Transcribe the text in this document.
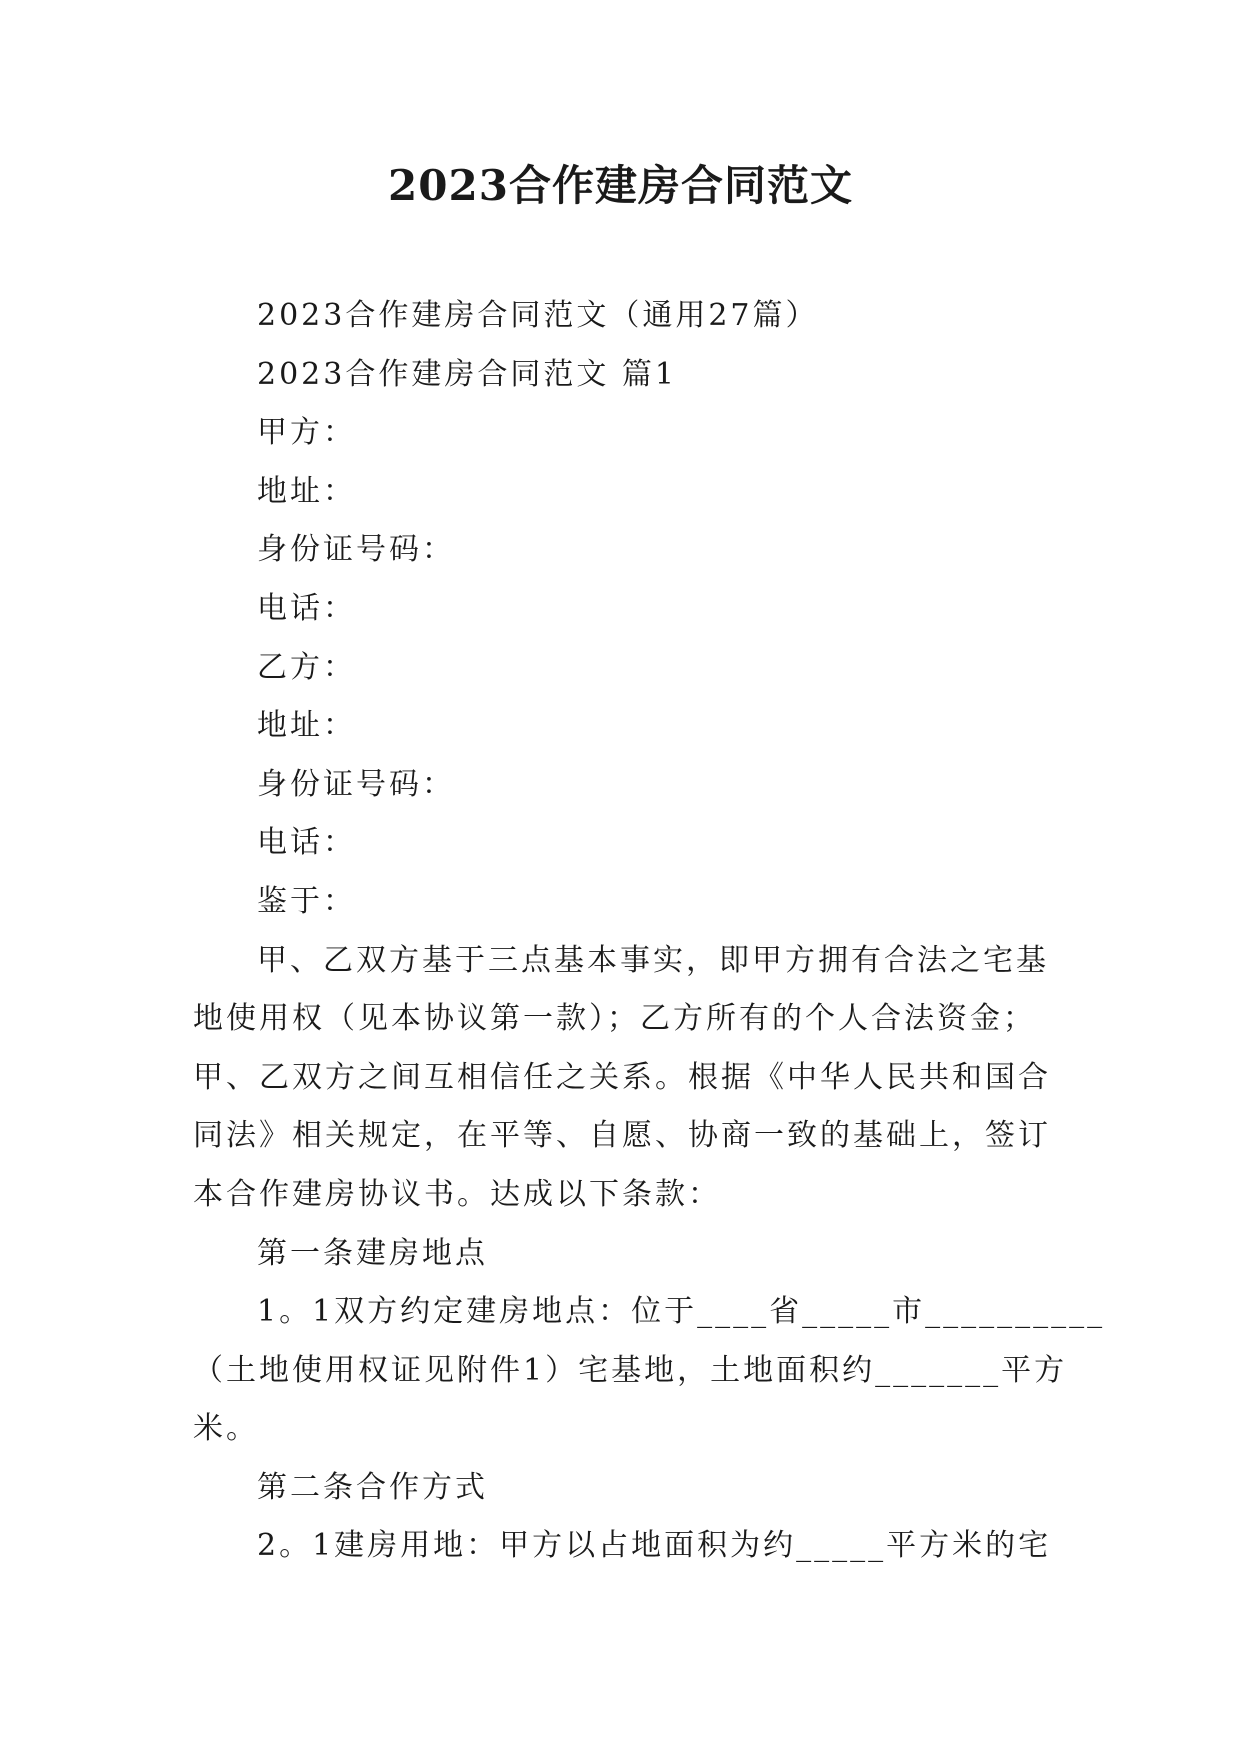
2023合作建房合同范文
2023合作建房合同范文（通用27篇）
2023合作建房合同范文 篇1
甲方：
地址：
身份证号码：
电话：
乙方：
地址：
身份证号码：
电话：
鉴于：
甲、乙双方基于三点基本事实，即甲方拥有合法之宅基
地使用权（见本协议第一款）；乙方所有的个人合法资金；
甲、乙双方之间互相信任之关系。根据《中华人民共和国合
同法》相关规定，在平等、自愿、协商一致的基础上，签订
本合作建房协议书。达成以下条款：
第一条建房地点
1。1双方约定建房地点：位于____省_____市__________
（土地使用权证见附件1）宅基地，土地面积约_______平方
米。
第二条合作方式
2。1建房用地：甲方以占地面积为约_____平方米的宅
